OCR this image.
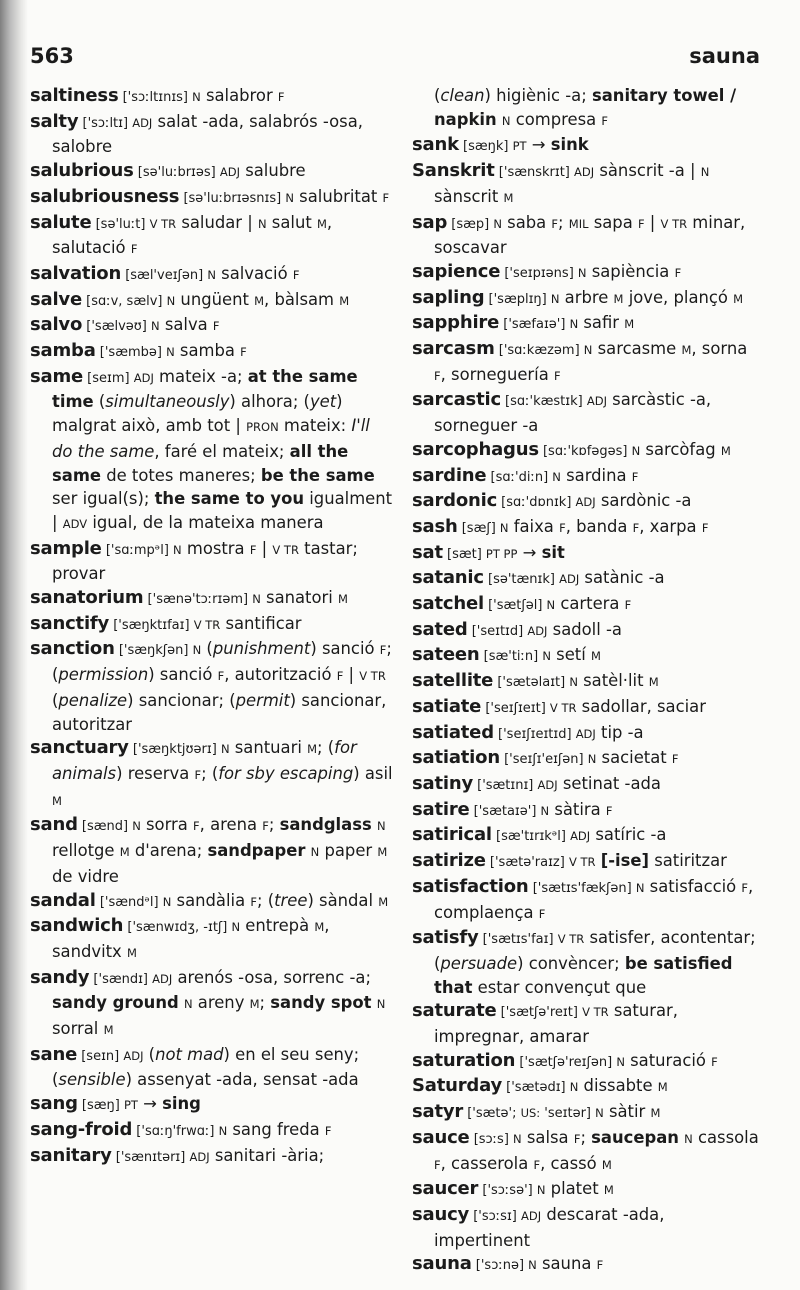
563	sauna
saltiness ['sɔːltɪnɪs] N salabror F
salty ['sɔːltɪ] ADJ salat -ada, salabrós -osa, salobre
salubrious [sə'luːbrɪəs] ADJ salubre
salubriousness [sə'luːbrɪəsnɪs] N salubritat F
salute [sə'luːt] V TR saludar | N salut M, salutació F
salvation [sæl'veɪʃən] N salvació F
salve [sɑːv, sælv] N ungüent M, bàlsam M
salvo ['sælvəʊ] N salva F
samba ['sæmbə] N samba F
same [seɪm] ADJ mateix -a; at the same time (simultaneously) alhora; (yet) malgrat això, amb tot | PRON mateix: I'll do the same, faré el mateix; all the same de totes maneres; be the same ser igual(s); the same to you igualment | ADV igual, de la mateixa manera
sample ['sɑːmpᵊl] N mostra F | V TR tastar; provar
sanatorium ['sænə'tɔːrɪəm] N sanatori M
sanctify ['sæŋktɪfaɪ] V TR santificar
sanction ['sæŋkʃən] N (punishment) sanció F; (permission) sanció F, autorització F | V TR (penalize) sancionar; (permit) sancionar, autoritzar
sanctuary ['sæŋktjʊərɪ] N santuari M; (for animals) reserva F; (for sby escaping) asil M
sand [sænd] N sorra F, arena F; sandglass N rellotge M d'arena; sandpaper N paper M de vidre
sandal ['sændᵊl] N sandàlia F; (tree) sàndal M
sandwich ['sænwɪdʒ, -ɪtʃ] N entrepà M, sandvitx M
sandy ['sændɪ] ADJ arenós -osa, sorrenc -a; sandy ground N areny M; sandy spot N sorral M
sane [seɪn] ADJ (not mad) en el seu seny; (sensible) assenyat -ada, sensat -ada
sang [sæŋ] PT → sing
sang-froid ['sɑːŋ'frwɑː] N sang freda F
sanitary ['sænɪtərɪ] ADJ sanitari -ària;
(clean) higiènic -a; sanitary towel / napkin N compresa F
sank [sæŋk] PT → sink
Sanskrit ['sænskrɪt] ADJ sànscrit -a | N sànscrit M
sap [sæp] N saba F; MIL sapa F | V TR minar, soscavar
sapience ['seɪpɪəns] N sapiència F
sapling ['sæplɪŋ] N arbre M jove, plançó M
sapphire ['sæfaɪə'] N safir M
sarcasm ['sɑːkæzəm] N sarcasme M, sorna F, sorneguería F
sarcastic [sɑː'kæstɪk] ADJ sarcàstic -a, sorneguer -a
sarcophagus [sɑː'kɒfəgəs] N sarcòfag M
sardine [sɑː'diːn] N sardina F
sardonic [sɑː'dɒnɪk] ADJ sardònic -a
sash [sæʃ] N faixa F, banda F, xarpa F
sat [sæt] PT PP → sit
satanic [sə'tænɪk] ADJ satànic -a
satchel ['sætʃəl] N cartera F
sated ['seɪtɪd] ADJ sadoll -a
sateen [sæ'tiːn] N setí M
satellite ['sætəlaɪt] N satèl·lit M
satiate ['seɪʃɪeɪt] V TR sadollar, saciar
satiated ['seɪʃɪeɪtɪd] ADJ tip -a
satiation ['seɪʃɪ'eɪʃən] N sacietat F
satiny ['sætɪnɪ] ADJ setinat -ada
satire ['sætaɪə'] N sàtira F
satirical [sæ'tɪrɪkᵊl] ADJ satíric -a
satirize ['sætə'raɪz] V TR [-ise] satiritzar
satisfaction ['sætɪs'fækʃən] N satisfacció F, complaença F
satisfy ['sætɪs'faɪ] V TR satisfer, acontentar; (persuade) convèncer; be satisfied that estar convençut que
saturate ['sætʃə'reɪt] V TR saturar, impregnar, amarar
saturation ['sætʃə'reɪʃən] N saturació F
Saturday ['sætədɪ] N dissabte M
satyr ['sætə'; US: 'seɪtər] N sàtir M
sauce [sɔːs] N salsa F; saucepan N cassola F, casserola F, cassó M
saucer ['sɔːsə'] N platet M
saucy ['sɔːsɪ] ADJ descarat -ada, impertinent
sauna ['sɔːnə] N sauna F
